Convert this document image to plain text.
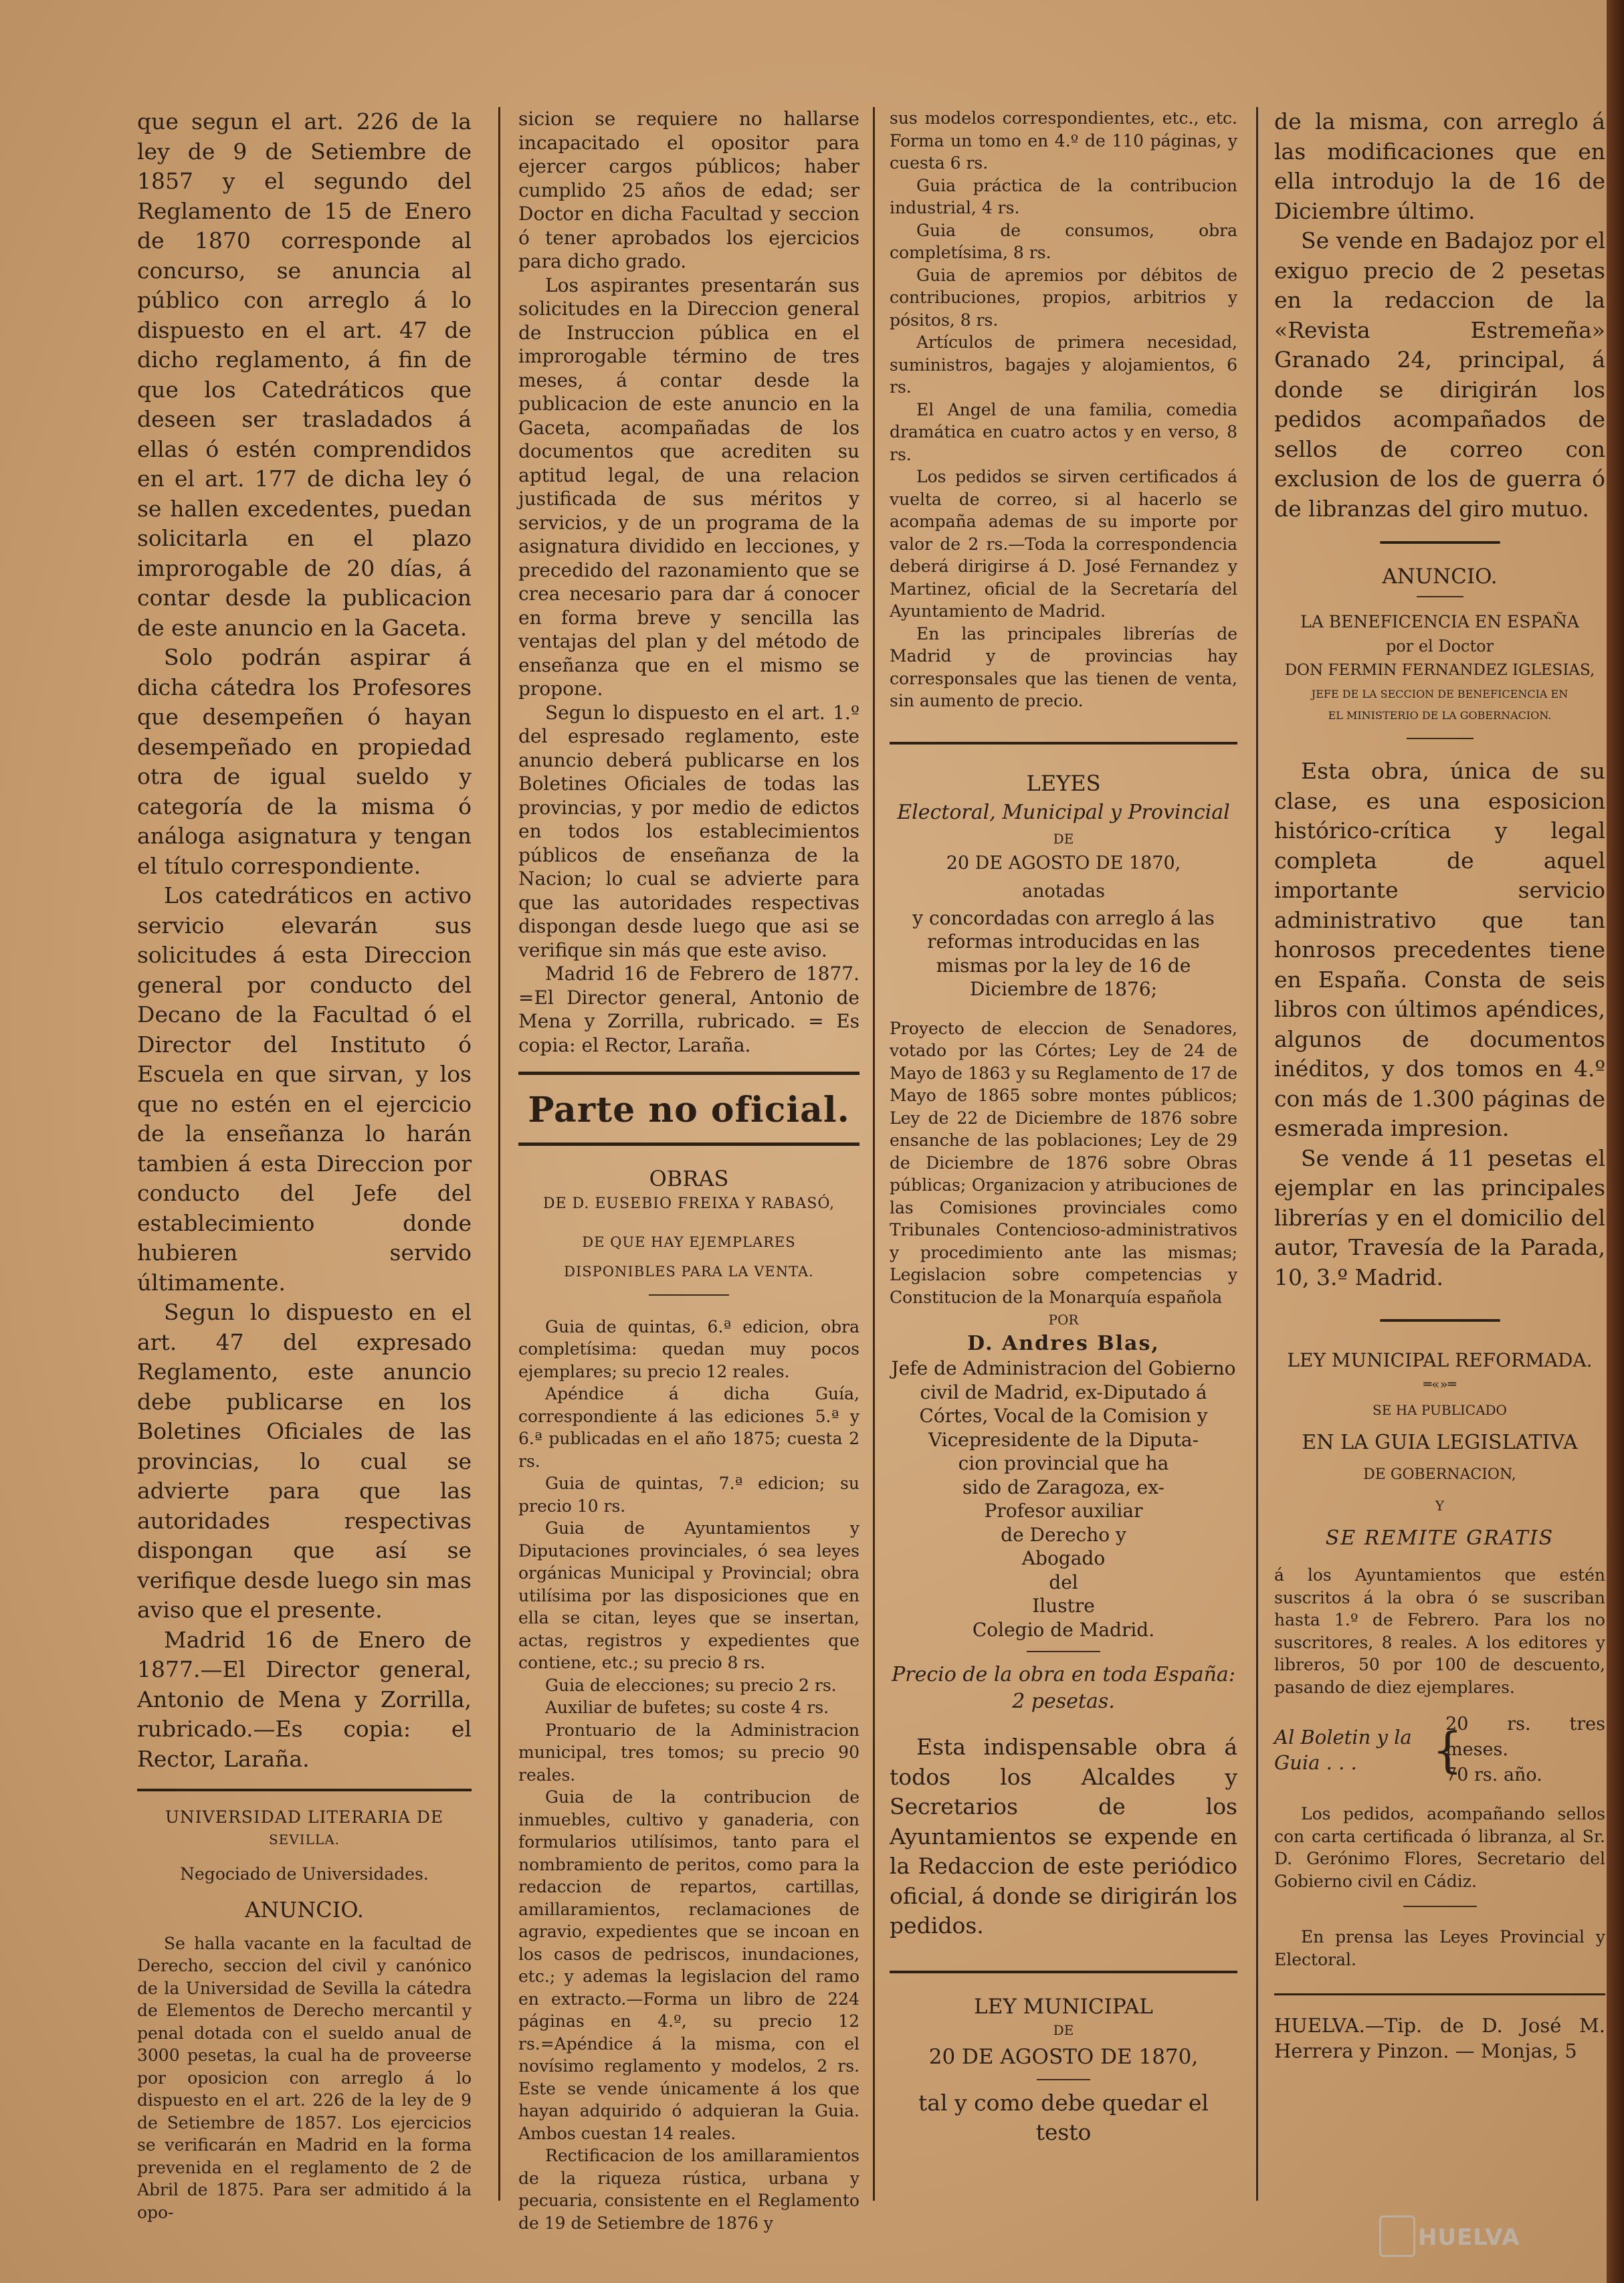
que segun el art. 226 de la ley de 9 de Setiembre de 1857 y el segundo del Reglamento de 15 de Enero de 1870 corresponde al concurso, se anuncia al público con arreglo á lo dispuesto en el art. 47 de dicho reglamento, á fin de que los Catedráticos que deseen ser trasladados á ellas ó estén comprendidos en el art. 177 de dicha ley ó se hallen excedentes, puedan solicitarla en el plazo improrogable de 20 días, á contar desde la publicacion de este anuncio en la Gaceta.

Solo podrán aspirar á dicha cátedra los Profesores que desempeñen ó hayan desempeñado en propiedad otra de igual sueldo y categoría de la misma ó análoga asignatura y tengan el título correspondiente.

Los catedráticos en activo servicio elevarán sus solicitudes á esta Direccion general por conducto del Decano de la Facultad ó el Director del Instituto ó Escuela en que sirvan, y los que no estén en el ejercicio de la enseñanza lo harán tambien á esta Direccion por conducto del Jefe del establecimiento donde hubieren servido últimamente.

Segun lo dispuesto en el art. 47 del expresado Reglamento, este anuncio debe publicarse en los Boletines Oficiales de las provincias, lo cual se advierte para que las autoridades respectivas dispongan que así se verifique desde luego sin mas aviso que el presente.

Madrid 16 de Enero de 1877.—El Director general, Antonio de Mena y Zorrilla, rubricado.—Es copia: el Rector, Laraña.

UNIVERSIDAD LITERARIA DE

SEVILLA.

Negociado de Universidades.

ANUNCIO.

Se halla vacante en la facultad de Derecho, seccion del civil y canónico de la Universidad de Sevilla la cátedra de Elementos de Derecho mercantil y penal dotada con el sueldo anual de 3000 pesetas, la cual ha de proveerse por oposicion con arreglo á lo dispuesto en el art. 226 de la ley de 9 de Setiembre de 1857. Los ejercicios se verificarán en Madrid en la forma prevenida en el reglamento de 2 de Abril de 1875. Para ser admitido á la opo-

sicion se requiere no hallarse incapacitado el opositor para ejercer cargos públicos; haber cumplido 25 años de edad; ser Doctor en dicha Facultad y seccion ó tener aprobados los ejercicios para dicho grado.

Los aspirantes presentarán sus solicitudes en la Direccion general de Instruccion pública en el improrogable término de tres meses, á contar desde la publicacion de este anuncio en la Gaceta, acompañadas de los documentos que acrediten su aptitud legal, de una relacion justificada de sus méritos y servicios, y de un programa de la asignatura dividido en lecciones, y precedido del razonamiento que se crea necesario para dar á conocer en forma breve y sencilla las ventajas del plan y del método de enseñanza que en el mismo se propone.

Segun lo dispuesto en el art. 1.º del espresado reglamento, este anuncio deberá publicarse en los Boletines Oficiales de todas las provincias, y por medio de edictos en todos los establecimientos públicos de enseñanza de la Nacion; lo cual se advierte para que las autoridades respectivas dispongan desde luego que asi se verifique sin más que este aviso.

Madrid 16 de Febrero de 1877. =El Director general, Antonio de Mena y Zorrilla, rubricado. = Es copia: el Rector, Laraña.

Parte no oficial.

OBRAS

DE D. EUSEBIO FREIXA Y RABASÓ,

DE QUE HAY EJEMPLARES DISPONIBLES PARA LA VENTA.

Guia de quintas, 6.ª edicion, obra completísima: quedan muy pocos ejemplares; su precio 12 reales.

Apéndice á dicha Guía, correspondiente á las ediciones 5.ª y 6.ª publicadas en el año 1875; cuesta 2 rs.

Guia de quintas, 7.ª edicion; su precio 10 rs.

Guia de Ayuntamientos y Diputaciones provinciales, ó sea leyes orgánicas Municipal y Provincial; obra utilísima por las disposiciones que en ella se citan, leyes que se insertan, actas, registros y expedientes que contiene, etc.; su precio 8 rs.

Guia de elecciones; su precio 2 rs.

Auxiliar de bufetes; su coste 4 rs.

Prontuario de la Administracion municipal, tres tomos; su precio 90 reales.

Guia de la contribucion de inmuebles, cultivo y ganaderia, con formularios utilísimos, tanto para el nombramiento de peritos, como para la redaccion de repartos, cartillas, amillaramientos, reclamaciones de agravio, expedientes que se incoan en los casos de pedriscos, inundaciones, etc.; y ademas la legislacion del ramo en extracto.—Forma un libro de 224 páginas en 4.º, su precio 12 rs.=Apéndice á la misma, con el novísimo reglamento y modelos, 2 rs. Este se vende únicamente á los que hayan adquirido ó adquieran la Guia. Ambos cuestan 14 reales.

Rectificacion de los amillaramientos de la riqueza rústica, urbana y pecuaria, consistente en el Reglamento de 19 de Setiembre de 1876 y

sus modelos correspondientes, etc., etc. Forma un tomo en 4.º de 110 páginas, y cuesta 6 rs.

Guia práctica de la contribucion industrial, 4 rs.

Guia de consumos, obra completísima, 8 rs.

Guia de apremios por débitos de contribuciones, propios, arbitrios y pósitos, 8 rs.

Artículos de primera necesidad, suministros, bagajes y alojamientos, 6 rs.

El Angel de una familia, comedia dramática en cuatro actos y en verso, 8 rs.

Los pedidos se sirven certificados á vuelta de correo, si al hacerlo se acompaña ademas de su importe por valor de 2 rs.—Toda la correspondencia deberá dirigirse á D. José Fernandez y Martinez, oficial de la Secretaría del Ayuntamiento de Madrid.

En las principales librerías de Madrid y de provincias hay corresponsales que las tienen de venta, sin aumento de precio.

LEYES

Electoral, Municipal y Provincial

DE

20 DE AGOSTO DE 1870,

anotadas

y concordadas con arreglo á las reformas introducidas en las mismas por la ley de 16 de Diciembre de 1876;

Proyecto de eleccion de Senadores, votado por las Córtes; Ley de 24 de Mayo de 1863 y su Reglamento de 17 de Mayo de 1865 sobre montes públicos; Ley de 22 de Diciembre de 1876 sobre ensanche de las poblaciones; Ley de 29 de Diciembre de 1876 sobre Obras públicas; Organizacion y atribuciones de las Comisiones provinciales como Tribunales Contencioso-administrativos y procedimiento ante las mismas; Legislacion sobre competencias y Constitucion de la Monarquía española

POR

D. Andres Blas,

Jefe de Administracion del Gobierno

civil de Madrid, ex-Diputado á

Córtes, Vocal de la Comision y

Vicepresidente de la Diputa-

cion provincial que ha

sido de Zaragoza, ex-

Profesor auxiliar

de Derecho y

Abogado

del

Ilustre

Colegio de Madrid.

Precio de la obra en toda España:

2 pesetas.

Esta indispensable obra á todos los Alcaldes y Secretarios de los Ayuntamientos se expende en la Redaccion de este periódico oficial, á donde se dirigirán los pedidos.

LEY MUNICIPAL

DE

20 DE AGOSTO DE 1870,

tal y como debe quedar el testo

de la misma, con arreglo á las modificaciones que en ella introdujo la de 16 de Diciembre último.

Se vende en Badajoz por el exiguo precio de 2 pesetas en la redaccion de la «Revista Estremeña» Granado 24, principal, á donde se dirigirán los pedidos acompañados de sellos de correo con exclusion de los de guerra ó de libranzas del giro mutuo.

ANUNCIO.

LA BENEFICENCIA EN ESPAÑA

por el Doctor

DON FERMIN FERNANDEZ IGLESIAS,

JEFE DE LA SECCION DE BENEFICENCIA EN

EL MINISTERIO DE LA GOBERNACION.

Esta obra, única de su clase, es una esposicion histórico-crítica y legal completa de aquel importante servicio administrativo que tan honrosos precedentes tiene en España. Consta de seis libros con últimos apéndices, algunos de documentos inéditos, y dos tomos en 4.º con más de 1.300 páginas de esmerada impresion.

Se vende á 11 pesetas el ejemplar en las principales librerías y en el domicilio del autor, Travesía de la Parada, 10, 3.º Madrid.

LEY MUNICIPAL REFORMADA.

═«»═

SE HA PUBLICADO

EN LA GUIA LEGISLATIVA

DE GOBERNACION,

Y

SE REMITE GRATIS

á los Ayuntamientos que estén suscritos á la obra ó se suscriban hasta 1.º de Febrero. Para los no suscritores, 8 reales. A los editores y libreros, 50 por 100 de descuento, pasando de diez ejemplares.

Al Boletin y la

Guia . . .	{

20 rs. tres meses.

70 rs. año.

Los pedidos, acompañando sellos con carta certificada ó libranza, al Sr. D. Gerónimo Flores, Secretario del Gobierno civil en Cádiz.

En prensa las Leyes Provincial y Electoral.

HUELVA.—Tip. de D. José M. Herrera y Pinzon. — Monjas, 5

HUELVA
